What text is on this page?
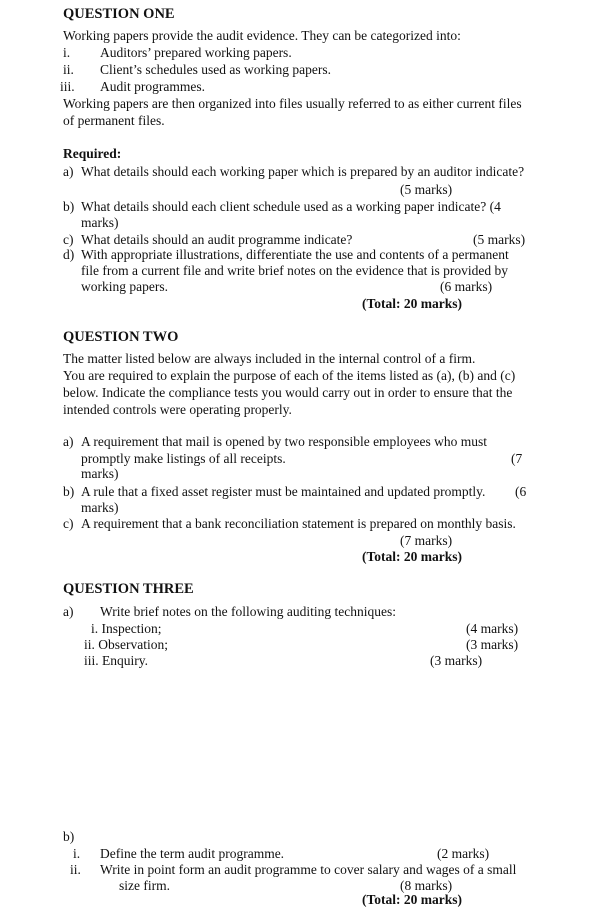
QUESTION ONE
Working papers provide the audit evidence. They can be categorized into:
i. Auditors’ prepared working papers.
ii. Client’s schedules used as working papers.
iii. Audit programmes.
Working papers are then organized into files usually referred to as either current files
of permanent files.
Required:
a) What details should each working paper which is prepared by an auditor indicate?
(5 marks)
b) What details should each client schedule used as a working paper indicate? (4
marks)
c) What details should an audit programme indicate?	(5 marks)
d) With appropriate illustrations, differentiate the use and contents of a permanent
file from a current file and write brief notes on the evidence that is provided by
working papers.	(6 marks)
(Total: 20 marks)
QUESTION TWO
The matter listed below are always included in the internal control of a firm.
You are required to explain the purpose of each of the items listed as (a), (b) and (c)
below. Indicate the compliance tests you would carry out in order to ensure that the
intended controls were operating properly.
a) A requirement that mail is opened by two responsible employees who must
promptly make listings of all receipts.	(7
marks)
b) A rule that a fixed asset register must be maintained and updated promptly. (6
marks)
c) A requirement that a bank reconciliation statement is prepared on monthly basis.
(7 marks)
(Total: 20 marks)
QUESTION THREE
a) Write brief notes on the following auditing techniques:
i. Inspection;	(4 marks)
ii. Observation;	(3 marks)
iii. Enquiry.	(3 marks)
b)
i. Define the term audit programme.	(2 marks)
ii. Write in point form an audit programme to cover salary and wages of a small
size firm.	(8 marks)
(Total: 20 marks)
